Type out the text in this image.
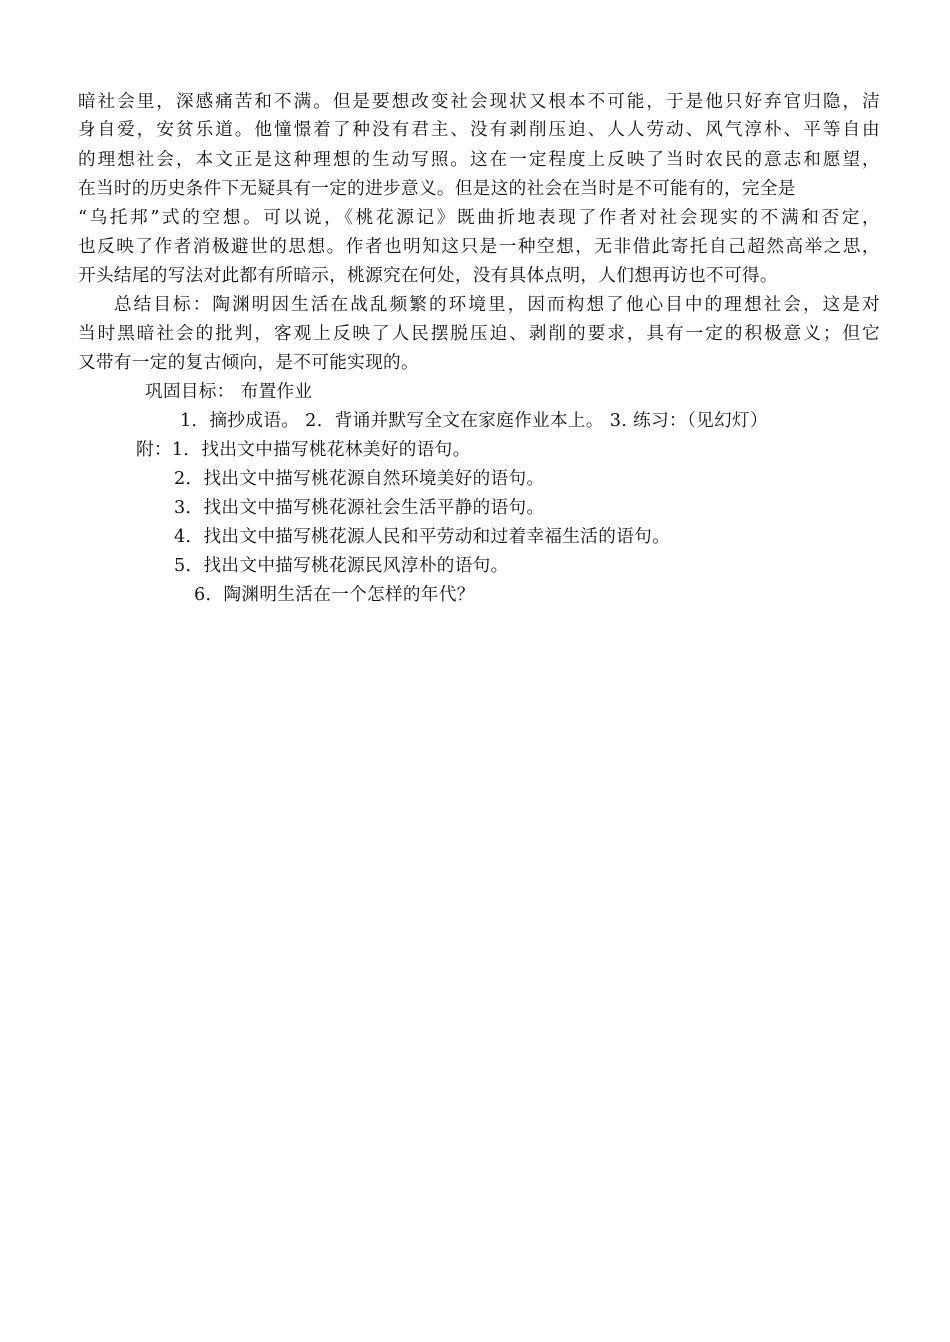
暗社会里，深感痛苦和不满。但是要想改变社会现状又根本不可能，于是他只好弃官归隐，洁
身自爱，安贫乐道。他憧憬着了种没有君主、没有剥削压迫、人人劳动、风气淳朴、平等自由
的理想社会，本文正是这种理想的生动写照。这在一定程度上反映了当时农民的意志和愿望，
在当时的历史条件下无疑具有一定的进步意义。但是这的社会在当时是不可能有的，完全是
“乌托邦”式的空想。可以说，《桃花源记》既曲折地表现了作者对社会现实的不满和否定，
也反映了作者消极避世的思想。作者也明知这只是一种空想，无非借此寄托自己超然高举之思，
开头结尾的写法对此都有所暗示，桃源究在何处，没有具体点明，人们想再访也不可得。
总结目标：陶渊明因生活在战乱频繁的环境里，因而构想了他心目中的理想社会，这是对
当时黑暗社会的批判，客观上反映了人民摆脱压迫、剥削的要求，具有一定的积极意义；但它
又带有一定的复古倾向，是不可能实现的。
巩固目标： 布置作业
1．摘抄成语。 2．背诵并默写全文在家庭作业本上。 3. 练习：（见幻灯）
附：1．找出文中描写桃花林美好的语句。
2．找出文中描写桃花源自然环境美好的语句。
3．找出文中描写桃花源社会生活平静的语句。
4．找出文中描写桃花源人民和平劳动和过着幸福生活的语句。
5．找出文中描写桃花源民风淳朴的语句。
6．陶渊明生活在一个怎样的年代？
